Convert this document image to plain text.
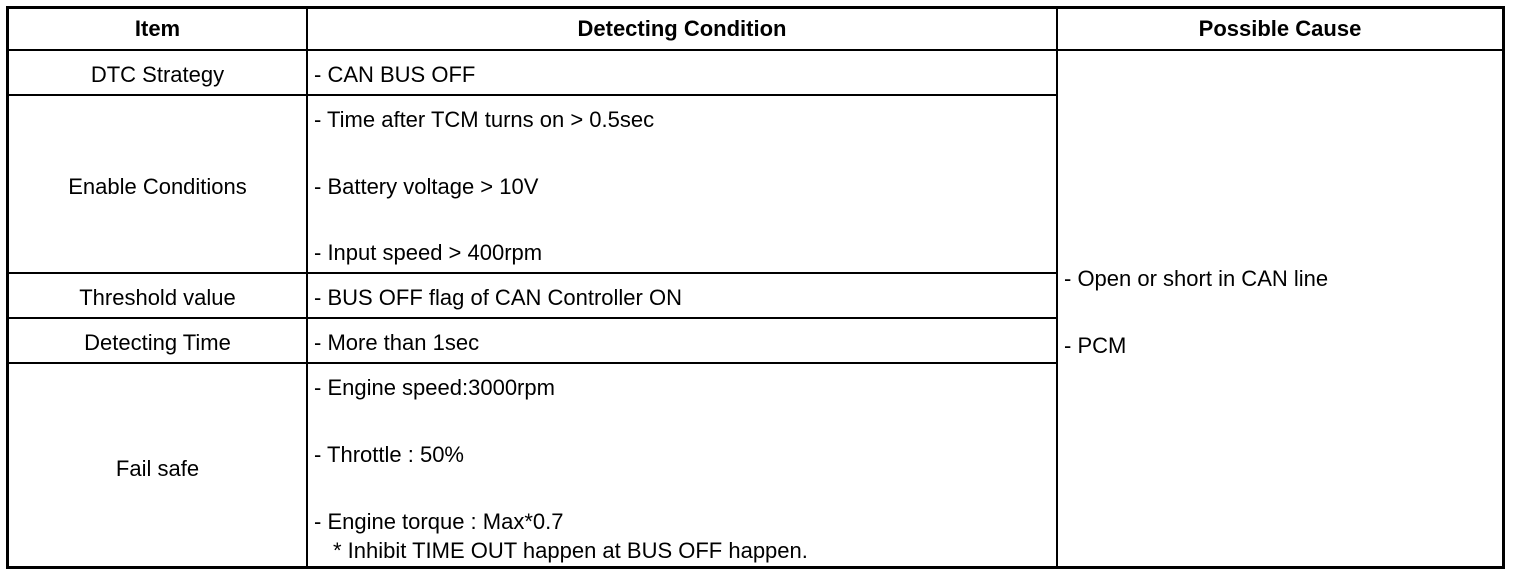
Item	Detecting Condition	Possible Cause
DTC Strategy
Enable Conditions
Threshold value
Detecting Time
Fail safe
- CAN BUS OFF
- Time after TCM turns on > 0.5sec
- Battery voltage > 10V
- Input speed > 400rpm
- BUS OFF flag of CAN Controller ON
- More than 1sec
- Engine speed:3000rpm
- Throttle : 50%
- Engine torque : Max*0.7
* Inhibit TIME OUT happen at BUS OFF happen.
- Open or short in CAN line
- PCM
